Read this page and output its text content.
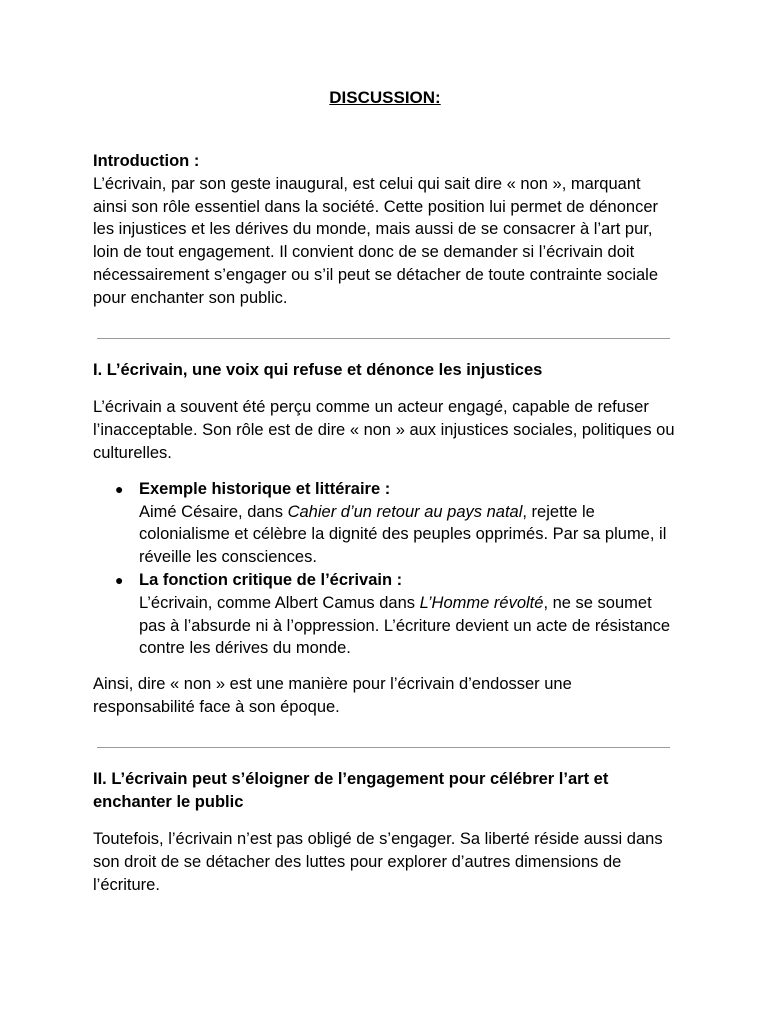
DISCUSSION:

Introduction :

L’écrivain, par son geste inaugural, est celui qui sait dire « non », marquant ainsi son rôle essentiel dans la société. Cette position lui permet de dénoncer les injustices et les dérives du monde, mais aussi de se consacrer à l’art pur, loin de tout engagement. Il convient donc de se demander si l’écrivain doit nécessairement s’engager ou s’il peut se détacher de toute contrainte sociale pour enchanter son public.

I. L’écrivain, une voix qui refuse et dénonce les injustices

L’écrivain a souvent été perçu comme un acteur engagé, capable de refuser l’inacceptable. Son rôle est de dire « non » aux injustices sociales, politiques ou culturelles.

● Exemple historique et littéraire :
Aimé Césaire, dans Cahier d’un retour au pays natal, rejette le colonialisme et célèbre la dignité des peuples opprimés. Par sa plume, il réveille les consciences.
● La fonction critique de l’écrivain :
L’écrivain, comme Albert Camus dans L’Homme révolté, ne se soumet pas à l’absurde ni à l’oppression. L’écriture devient un acte de résistance contre les dérives du monde.

Ainsi, dire « non » est une manière pour l’écrivain d’endosser une responsabilité face à son époque.

II. L’écrivain peut s’éloigner de l’engagement pour célébrer l’art et enchanter le public

Toutefois, l’écrivain n’est pas obligé de s’engager. Sa liberté réside aussi dans son droit de se détacher des luttes pour explorer d’autres dimensions de l’écriture.
